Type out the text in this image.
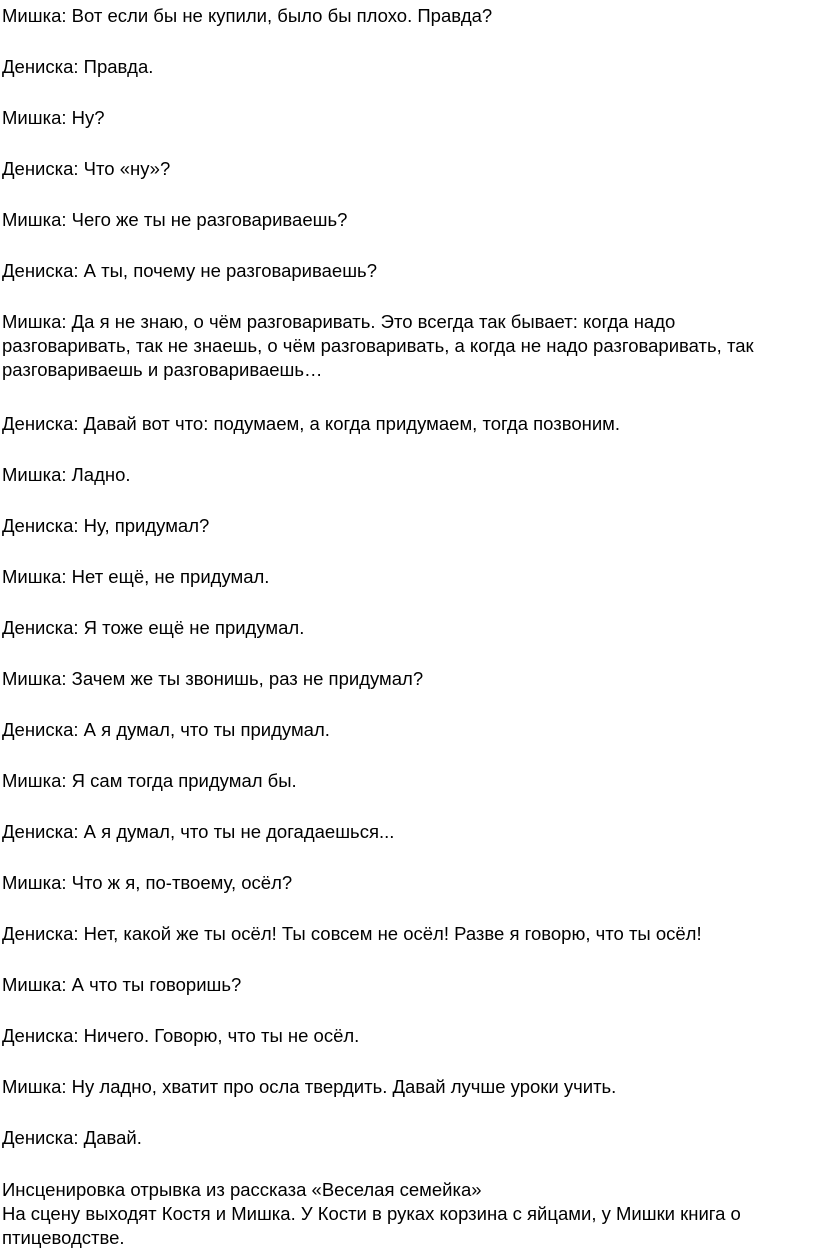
Мишка: Вот если бы не купили, было бы плохо. Правда?
Дениска: Правда.
Мишка: Ну?
Дениска: Что «ну»?
Мишка: Чего же ты не разговариваешь?
Дениска: А ты, почему не разговариваешь?
Мишка: Да я не знаю, о чём разговаривать. Это всегда так бывает: когда надо разговаривать, так не знаешь, о чём разговаривать, а когда не надо разговаривать, так разговариваешь и разговариваешь…
Дениска: Давай вот что: подумаем, а когда придумаем, тогда позвоним.
Мишка: Ладно.
Дениска: Ну, придумал?
Мишка: Нет ещё, не придумал.
Дениска: Я тоже ещё не придумал.
Мишка: Зачем же ты звонишь, раз не придумал?
Дениска: А я думал, что ты придумал.
Мишка: Я сам тогда придумал бы.
Дениска: А я думал, что ты не догадаешься...
Мишка: Что ж я, по-твоему, осёл?
Дениска: Нет, какой же ты осёл! Ты совсем не осёл! Разве я говорю, что ты осёл!
Мишка: А что ты говоришь?
Дениска: Ничего. Говорю, что ты не осёл.
Мишка: Ну ладно, хватит про осла твердить. Давай лучше уроки учить.
Дениска: Давай.
Инсценировка отрывка из рассказа «Веселая семейка»
На сцену выходят Костя и Мишка. У Кости в руках корзина с яйцами, у Мишки книга о птицеводстве.
